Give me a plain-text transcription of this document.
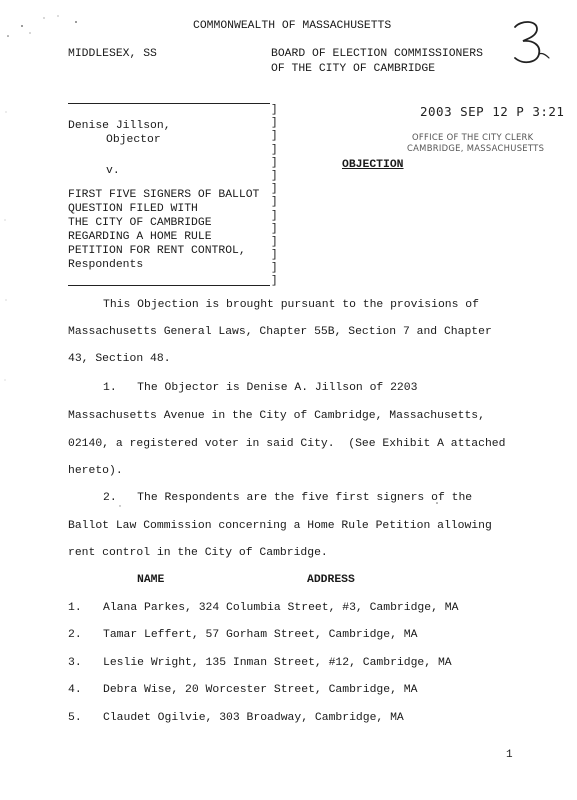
COMMONWEALTH OF MASSACHUSETTS
MIDDLESEX, SS	BOARD OF ELECTION COMMISSIONERS
OF THE CITY OF CAMBRIDGE
Denise Jillson,
Objector
v.
FIRST FIVE SIGNERS OF BALLOT
QUESTION FILED WITH
THE CITY OF CAMBRIDGE
REGARDING A HOME RULE
PETITION FOR RENT CONTROL,
Respondents
]
]
]
]
]
]
]
]
]
]
]
]
]
]
2003 SEP 12 P 3:21
OFFICE OF THE CITY CLERK
CAMBRIDGE, MASSACHUSETTS
OBJECTION
This Objection is brought pursuant to the provisions of
Massachusetts General Laws, Chapter 55B, Section 7 and Chapter
43, Section 48.
1.   The Objector is Denise A. Jillson of 2203
Massachusetts Avenue in the City of Cambridge, Massachusetts,
02140, a registered voter in said City.  (See Exhibit A attached
hereto).
2.   The Respondents are the five first signers of the
Ballot Law Commission concerning a Home Rule Petition allowing
rent control in the City of Cambridge.
NAME	ADDRESS
1. Alana Parkes, 324 Columbia Street, #3, Cambridge, MA
2. Tamar Leffert, 57 Gorham Street, Cambridge, MA
3. Leslie Wright, 135 Inman Street, #12, Cambridge, MA
4. Debra Wise, 20 Worcester Street, Cambridge, MA
5. Claudet Ogilvie, 303 Broadway, Cambridge, MA
1
